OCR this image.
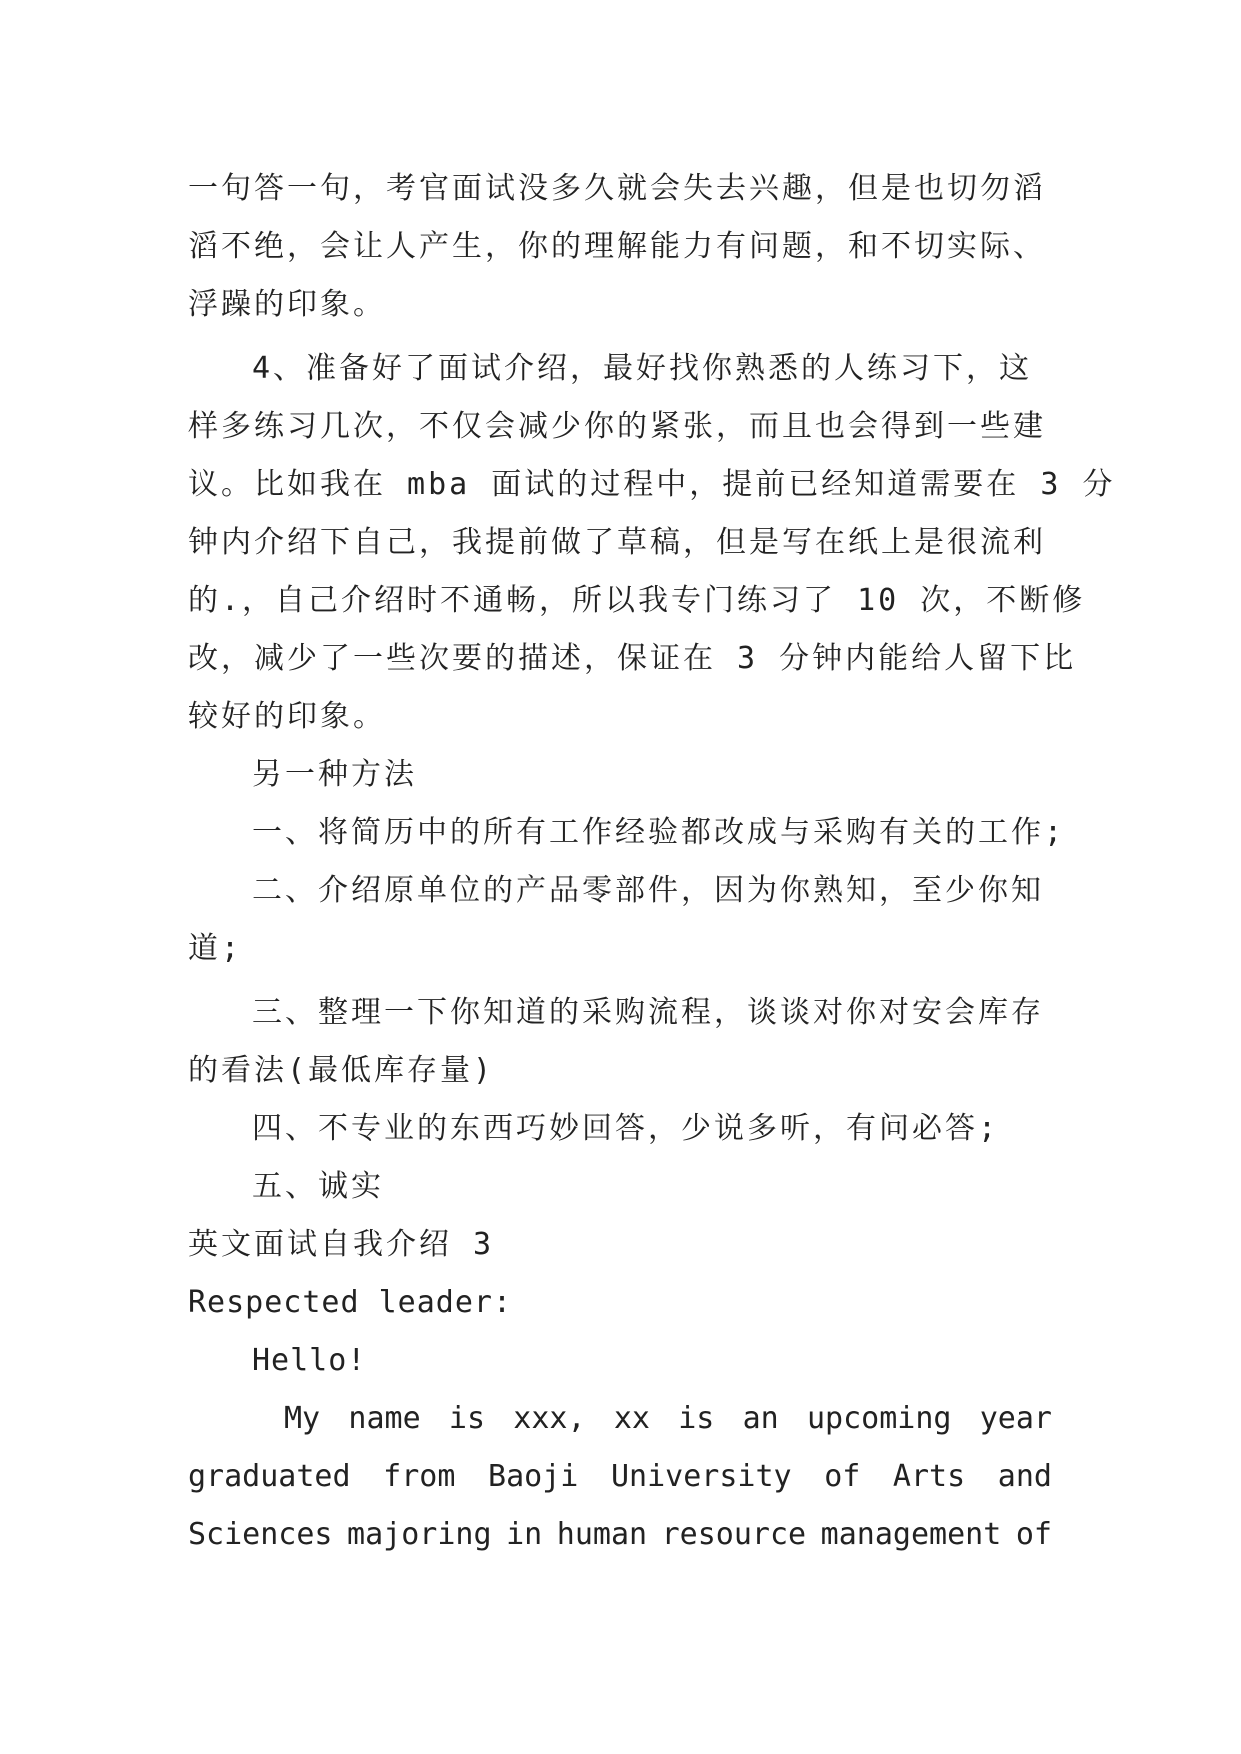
一句答一句，考官面试没多久就会失去兴趣，但是也切勿滔
滔不绝，会让人产生，你的理解能力有问题，和不切实际、
浮躁的印象。
4、准备好了面试介绍，最好找你熟悉的人练习下，这
样多练习几次，不仅会减少你的紧张，而且也会得到一些建
议。比如我在 mba 面试的过程中，提前已经知道需要在 3 分
钟内介绍下自己，我提前做了草稿，但是写在纸上是很流利
的.，自己介绍时不通畅，所以我专门练习了 10 次，不断修
改，减少了一些次要的描述，保证在 3 分钟内能给人留下比
较好的印象。
另一种方法
一、将简历中的所有工作经验都改成与采购有关的工作;
二、介绍原单位的产品零部件，因为你熟知，至少你知
道;
三、整理一下你知道的采购流程，谈谈对你对安会库存
的看法(最低库存量)
四、不专业的东西巧妙回答，少说多听，有问必答;
五、诚实
英文面试自我介绍 3
Respected leader:
Hello!
My name is xxx, xx is an upcoming year
graduated from Baoji University of Arts and
Sciences majoring in human resource management of
